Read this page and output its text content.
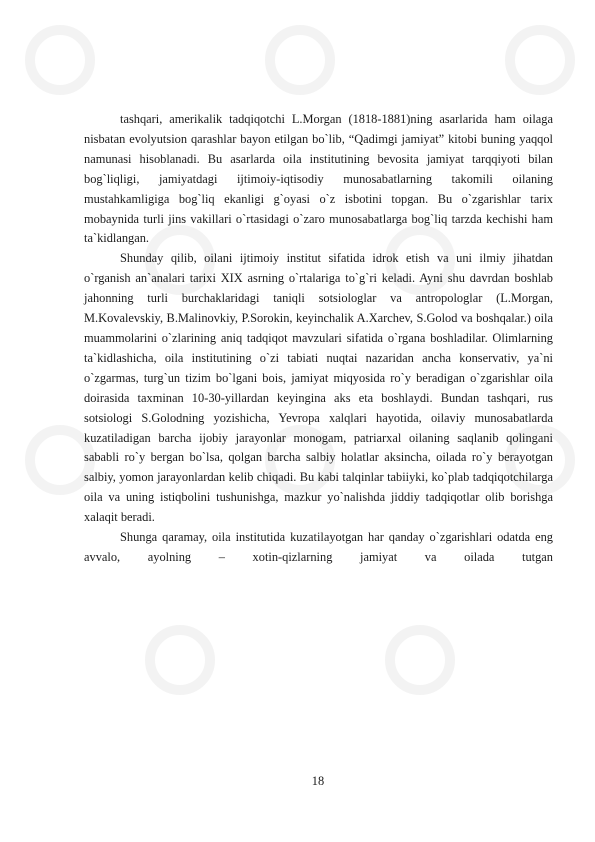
tashqari, amerikalik tadqiqotchi L.Morgan (1818-1881)ning asarlarida ham oilaga nisbatan evolyutsion qarashlar bayon etilgan bo`lib, “Qadimgi jamiyat” kitobi buning yaqqol namunasi hisoblanadi. Bu asarlarda oila institutining bevosita jamiyat tarqqiyoti bilan bog`liqligi, jamiyatdagi ijtimoiy-iqtisodiy munosabatlarning takomili oilaning mustahkamligiga bog`liq ekanligi g`oyasi o`z isbotini topgan. Bu o`zgarishlar tarix mobaynida turli jins vakillari o`rtasidagi o`zaro munosabatlarga bog`liq tarzda kechishi ham ta`kidlangan.

Shunday qilib, oilani ijtimoiy institut sifatida idrok etish va uni ilmiy jihatdan o`rganish an`analari tarixi XIX asrning o`rtalariga to`g`ri keladi. Ayni shu davrdan boshlab jahonning turli burchaklaridagi taniqli sotsiologlar va antropologlar (L.Morgan, M.Kovalevskiy, B.Malinovkiy, P.Sorokin, keyinchalik A.Xarchev, S.Golod va boshqalar.) oila muammolarini o`zlarining aniq tadqiqot mavzulari sifatida o`rgana boshladilar. Olimlarning ta`kidlashicha, oila institutining o`zi tabiati nuqtai nazaridan ancha konservativ, ya`ni o`zgarmas, turg`un tizim bo`lgani bois, jamiyat miqyosida ro`y beradigan o`zgarishlar oila doirasida taxminan 10-30-yillardan keyingina aks eta boshlaydi. Bundan tashqari, rus sotsiologi S.Golodning yozishicha, Yevropa xalqlari hayotida, oilaviy munosabatlarda kuzatiladigan barcha ijobiy jarayonlar monogam, patriarxal oilaning saqlanib qolingani sababli ro`y bergan bo`lsa, qolgan barcha salbiy holatlar aksincha, oilada ro`y berayotgan salbiy, yomon jarayonlardan kelib chiqadi. Bu kabi talqinlar tabiiyki, ko`plab tadqiqotchilarga oila va uning istiqbolini tushunishga, mazkur yo`nalishda jiddiy tadqiqotlar olib borishga xalaqit beradi.

Shunga qaramay, oila institutida kuzatilayotgan har qanday o`zgarishlari odatda eng avvalo, ayolning – xotin-qizlarning jamiyat va oilada tutgan

18
